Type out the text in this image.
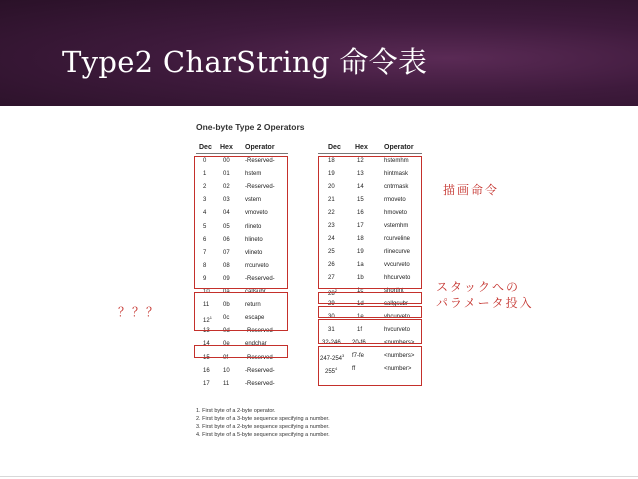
Type2 CharString 命令表
One-byte Type 2 Operators
Dec Hex Operator	Dec Hex Operator
0	00	-Reserved-
1	01	hstem
2	02	-Reserved-
3	03	vstem
4	04	vmoveto
5	05	rlineto
6	06	hlineto
7	07	vlineto
8	08	rrcurveto
9	09	-Reserved-
10 0a	callsubr
11 0b	return
$12^1$ 0c	escape
13 0d	-Reserved-
14 0e	endchar
15 0f	-Reserved-
16 10	-Reserved-
17 11	-Reserved-
18	12	hstemhm
19	13	hintmask
20	14	cntrmask
21	15	rmoveto
22	16	hmoveto
23	17	vstemhm
24	18	rcurveline
25	19	rlinecurve
26	1a	vvcurveto
27	1b	hhcurveto
$28^2$	1c	shortint
29	1d	callgsubr
30	1e	vhcurveto
31	1f	hvcurveto
32-246 20-f6	<numbers>
$247-254^3$ f7-fe	<numbers>
$255^4$ ff	<number>
1. First byte of a 2-byte operator.
2. First byte of a 3-byte sequence specifying a number.
3. First byte of a 2-byte sequence specifying a number.
4. First byte of a 5-byte sequence specifying a number.
描画命令
スタックへの
パラメータ投入
？？？
